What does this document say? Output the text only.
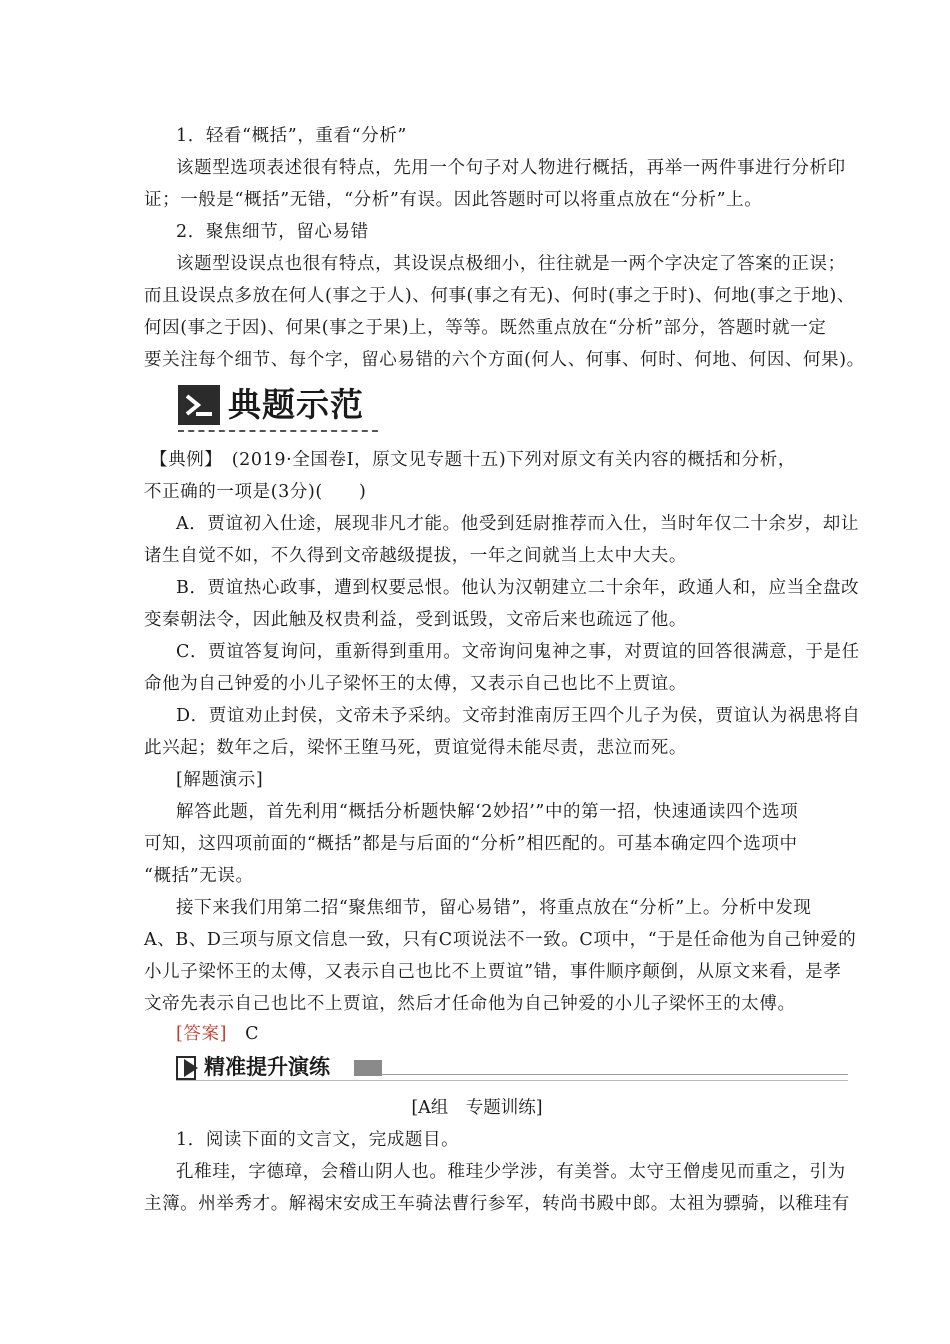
1．轻看“概括”，重看“分析”
该题型选项表述很有特点，先用一个句子对人物进行概括，再举一两件事进行分析印
证；一般是“概括”无错，“分析”有误。因此答题时可以将重点放在“分析”上。
2．聚焦细节，留心易错
该题型设误点也很有特点，其设误点极细小，往往就是一两个字决定了答案的正误；
而且设误点多放在何人(事之于人)、何事(事之有无)、何时(事之于时)、何地(事之于地)、
何因(事之于因)、何果(事之于果)上，等等。既然重点放在“分析”部分，答题时就一定
要关注每个细节、每个字，留心易错的六个方面(何人、何事、何时、何地、何因、何果)。
典题示范
【典例】　(2019·全国卷Ⅰ，原文见专题十五)下列对原文有关内容的概括和分析，
不正确的一项是(3分)(　　)
A．贾谊初入仕途，展现非凡才能。他受到廷尉推荐而入仕，当时年仅二十余岁，却让
诸生自觉不如，不久得到文帝越级提拔，一年之间就当上太中大夫。
B．贾谊热心政事，遭到权要忌恨。他认为汉朝建立二十余年，政通人和，应当全盘改
变秦朝法令，因此触及权贵利益，受到诋毁，文帝后来也疏远了他。
C．贾谊答复询问，重新得到重用。文帝询问鬼神之事，对贾谊的回答很满意，于是任
命他为自己钟爱的小儿子梁怀王的太傅，又表示自己也比不上贾谊。
D．贾谊劝止封侯，文帝未予采纳。文帝封淮南厉王四个儿子为侯，贾谊认为祸患将自
此兴起；数年之后，梁怀王堕马死，贾谊觉得未能尽责，悲泣而死。
[解题演示]
解答此题，首先利用“概括分析题快解‘2妙招’”中的第一招，快速通读四个选项
可知，这四项前面的“概括”都是与后面的“分析”相匹配的。可基本确定四个选项中
“概括”无误。
接下来我们用第二招“聚焦细节，留心易错”，将重点放在“分析”上。分析中发现
A、B、D三项与原文信息一致，只有C项说法不一致。C项中，“于是任命他为自己钟爱的
小儿子梁怀王的太傅，又表示自己也比不上贾谊”错，事件顺序颠倒，从原文来看，是孝
文帝先表示自己也比不上贾谊，然后才任命他为自己钟爱的小儿子梁怀王的太傅。
[答案]　 C
精准提升演练
[A组　专题训练]
1．阅读下面的文言文，完成题目。
孔稚珪，字德璋，会稽山阴人也。稚珪少学涉，有美誉。太守王僧虔见而重之，引为
主簿。州举秀才。解褐宋安成王车骑法曹行参军，转尚书殿中郎。太祖为骠骑，以稚珪有
